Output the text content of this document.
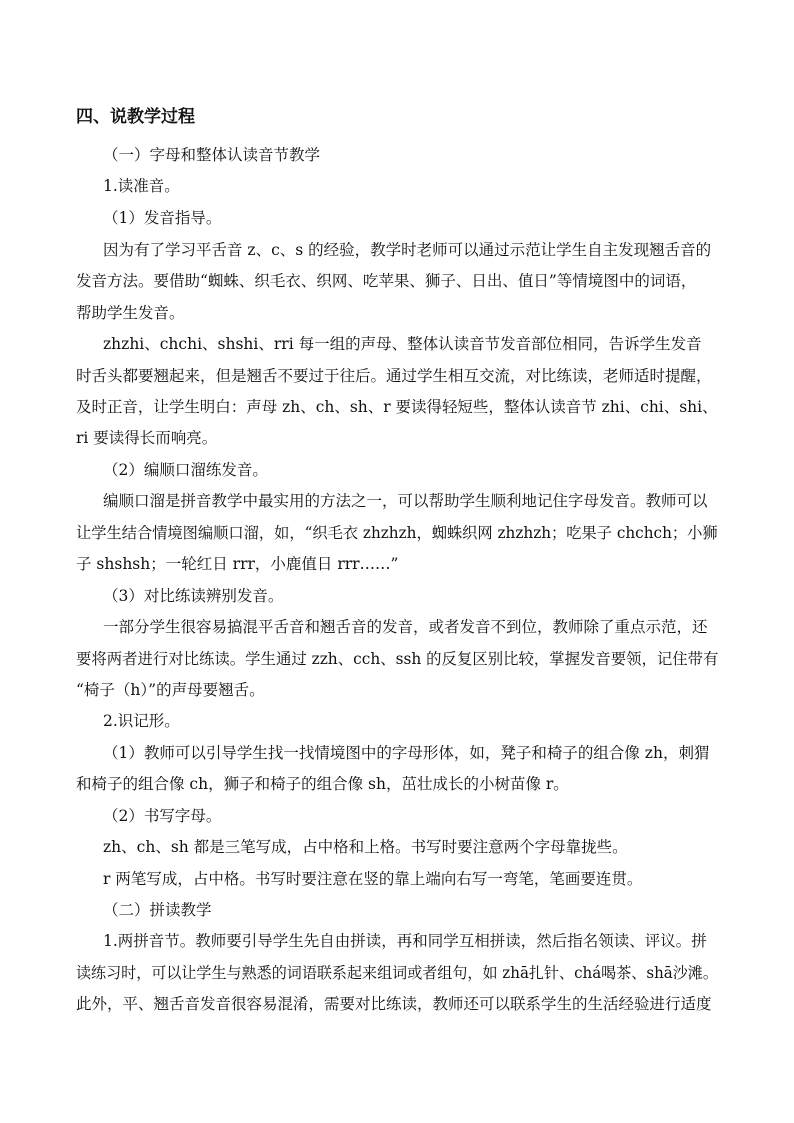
四、说教学过程
（一）字母和整体认读音节教学
1.读准音。
（1）发音指导。
因为有了学习平舌音 z、c、s 的经验，教学时老师可以通过示范让学生自主发现翘舌音的
发音方法。要借助“蜘蛛、织毛衣、织网、吃苹果、狮子、日出、值日”等情境图中的词语，
帮助学生发音。
zhzhi、chchi、shshi、rri 每一组的声母、整体认读音节发音部位相同，告诉学生发音
时舌头都要翘起来，但是翘舌不要过于往后。通过学生相互交流，对比练读，老师适时提醒，
及时正音，让学生明白：声母 zh、ch、sh、r 要读得轻短些，整体认读音节 zhi、chi、shi、
ri 要读得长而响亮。
（2）编顺口溜练发音。
编顺口溜是拼音教学中最实用的方法之一，可以帮助学生顺利地记住字母发音。教师可以
让学生结合情境图编顺口溜，如，“织毛衣 zhzhzh，蜘蛛织网 zhzhzh；吃果子 chchch；小狮
子 shshsh；一轮红日 rrr，小鹿值日 rrr……”
（3）对比练读辨别发音。
一部分学生很容易搞混平舌音和翘舌音的发音，或者发音不到位，教师除了重点示范，还
要将两者进行对比练读。学生通过 zzh、cch、ssh 的反复区别比较，掌握发音要领，记住带有
“椅子（h）”的声母要翘舌。
2.识记形。
（1）教师可以引导学生找一找情境图中的字母形体，如，凳子和椅子的组合像 zh，刺猬
和椅子的组合像 ch，狮子和椅子的组合像 sh，茁壮成长的小树苗像 r。
（2）书写字母。
zh、ch、sh 都是三笔写成，占中格和上格。书写时要注意两个字母靠拢些。
r 两笔写成，占中格。书写时要注意在竖的靠上端向右写一弯笔，笔画要连贯。
（二）拼读教学
1.两拼音节。教师要引导学生先自由拼读，再和同学互相拼读，然后指名领读、评议。拼
读练习时，可以让学生与熟悉的词语联系起来组词或者组句，如 zhā扎针、chá喝茶、shā沙滩。
此外，平、翘舌音发音很容易混淆，需要对比练读，教师还可以联系学生的生活经验进行适度
